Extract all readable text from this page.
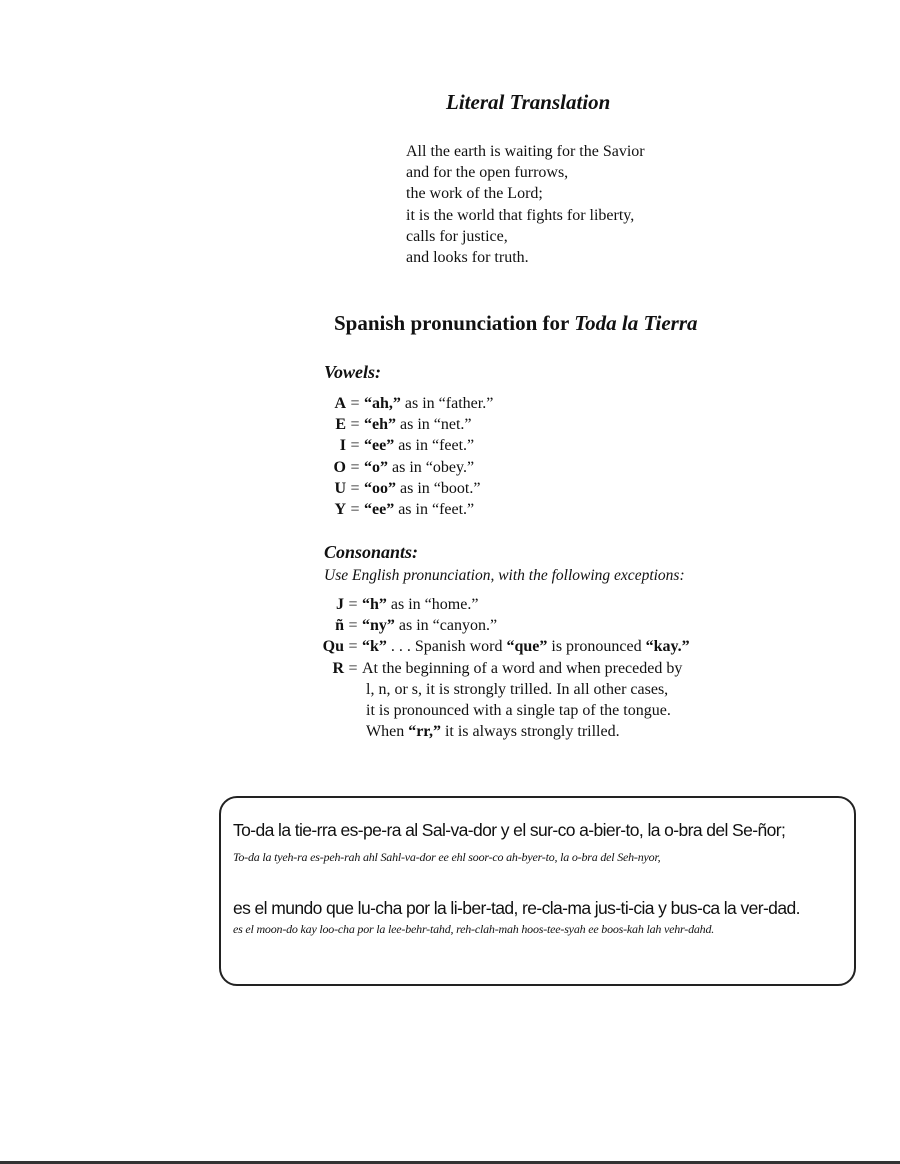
Literal Translation
All the earth is waiting for the Savior
and for the open furrows,
the work of the Lord;
it is the world that fights for liberty,
calls for justice,
and looks for truth.
Spanish pronunciation for Toda la Tierra
Vowels:
A = “ah,” as in “father.”
E = “eh” as in “net.”
I = “ee” as in “feet.”
O = “o” as in “obey.”
U = “oo” as in “boot.”
Y = “ee” as in “feet.”
Consonants:
Use English pronunciation, with the following exceptions:
J = “h” as in “home.”
ñ = “ny” as in “canyon.”
Qu = “k” . . . Spanish word “que” is pronounced “kay.”
R = At the beginning of a word and when preceded by
l, n, or s, it is strongly trilled. In all other cases,
it is pronounced with a single tap of the tongue.
When “rr,” it is always strongly trilled.
To-da la tie-rra es-pe-ra al Sal-va-dor y el sur-co a-bier-to, la o-bra del Se-ñor;
To-da la tyeh-ra es-peh-rah ahl Sahl-va-dor ee ehl soor-co ah-byer-to, la o-bra del Seh-nyor,
es el mundo que lu-cha por la li-ber-tad, re-cla-ma jus-ti-cia y bus-ca la ver-dad.
es el moon-do kay loo-cha por la lee-behr-tahd, reh-clah-mah hoos-tee-syah ee boos-kah lah vehr-dahd.
